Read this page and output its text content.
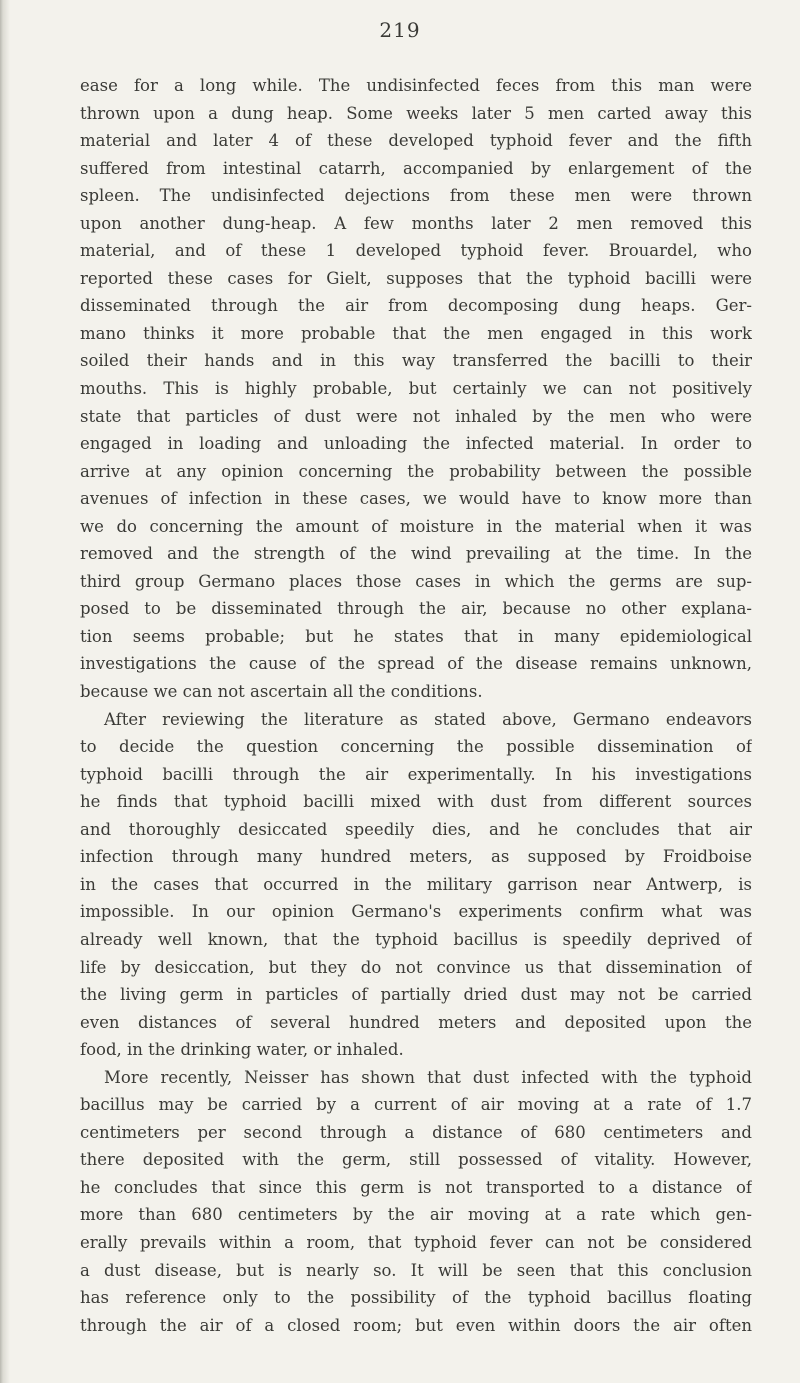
219
ease for a long while. The undisinfected feces from this man were
thrown upon a dung heap. Some weeks later 5 men carted away this
material and later 4 of these developed typhoid fever and the fifth
suffered from intestinal catarrh, accompanied by enlargement of the
spleen. The undisinfected dejections from these men were thrown
upon another dung-heap. A few months later 2 men removed this
material, and of these 1 developed typhoid fever. Brouardel, who
reported these cases for Gielt, supposes that the typhoid bacilli were
disseminated through the air from decomposing dung heaps. Ger-
mano thinks it more probable that the men engaged in this work
soiled their hands and in this way transferred the bacilli to their
mouths. This is highly probable, but certainly we can not positively
state that particles of dust were not inhaled by the men who were
engaged in loading and unloading the infected material. In order to
arrive at any opinion concerning the probability between the possible
avenues of infection in these cases, we would have to know more than
we do concerning the amount of moisture in the material when it was
removed and the strength of the wind prevailing at the time. In the
third group Germano places those cases in which the germs are sup-
posed to be disseminated through the air, because no other explana-
tion seems probable; but he states that in many epidemiological
investigations the cause of the spread of the disease remains unknown,
because we can not ascertain all the conditions.
After reviewing the literature as stated above, Germano endeavors
to decide the question concerning the possible dissemination of
typhoid bacilli through the air experimentally. In his investigations
he finds that typhoid bacilli mixed with dust from different sources
and thoroughly desiccated speedily dies, and he concludes that air
infection through many hundred meters, as supposed by Froidboise
in the cases that occurred in the military garrison near Antwerp, is
impossible. In our opinion Germano's experiments confirm what was
already well known, that the typhoid bacillus is speedily deprived of
life by desiccation, but they do not convince us that dissemination of
the living germ in particles of partially dried dust may not be carried
even distances of several hundred meters and deposited upon the
food, in the drinking water, or inhaled.
More recently, Neisser has shown that dust infected with the typhoid
bacillus may be carried by a current of air moving at a rate of 1.7
centimeters per second through a distance of 680 centimeters and
there deposited with the germ, still possessed of vitality. However,
he concludes that since this germ is not transported to a distance of
more than 680 centimeters by the air moving at a rate which gen-
erally prevails within a room, that typhoid fever can not be considered
a dust disease, but is nearly so. It will be seen that this conclusion
has reference only to the possibility of the typhoid bacillus floating
through the air of a closed room; but even within doors the air often
